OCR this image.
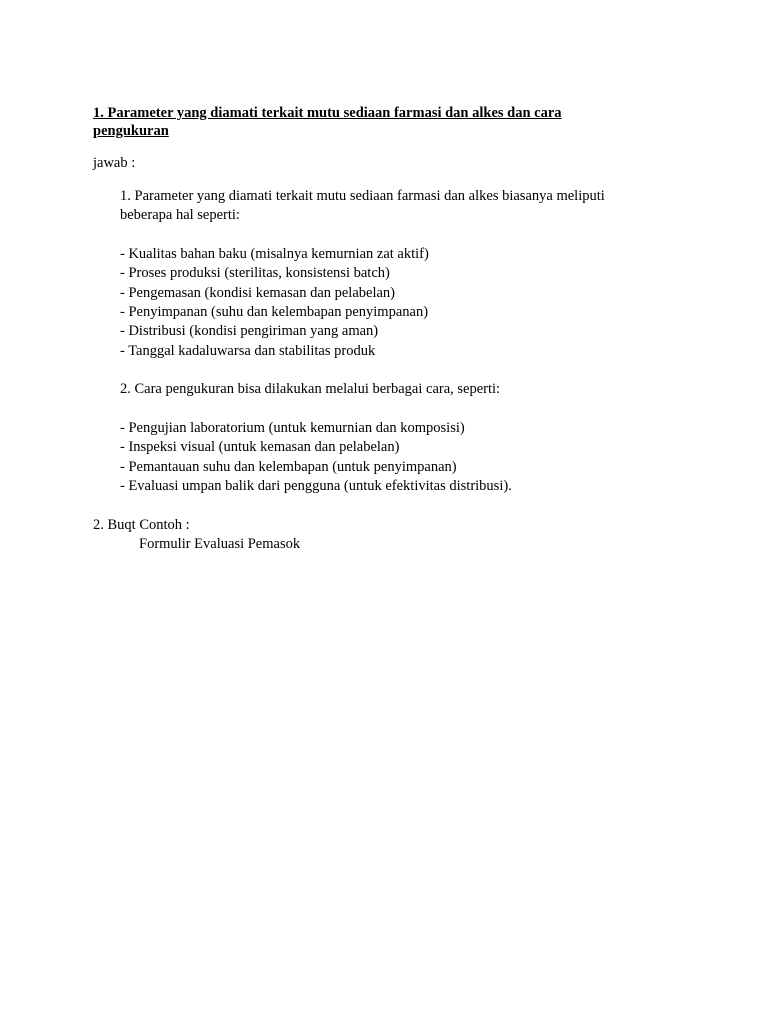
1. Parameter yang diamati terkait mutu sediaan farmasi dan alkes dan cara pengukuran
jawab :
1. Parameter yang diamati terkait mutu sediaan farmasi dan alkes biasanya meliputi
beberapa hal seperti:
- Kualitas bahan baku (misalnya kemurnian zat aktif)
- Proses produksi (sterilitas, konsistensi batch)
- Pengemasan (kondisi kemasan dan pelabelan)
- Penyimpanan (suhu dan kelembapan penyimpanan)
- Distribusi (kondisi pengiriman yang aman)
- Tanggal kadaluwarsa dan stabilitas produk
2. Cara pengukuran bisa dilakukan melalui berbagai cara, seperti:
- Pengujian laboratorium (untuk kemurnian dan komposisi)
- Inspeksi visual (untuk kemasan dan pelabelan)
- Pemantauan suhu dan kelembapan (untuk penyimpanan)
- Evaluasi umpan balik dari pengguna (untuk efektivitas distribusi).
2. Buqt Contoh :
Formulir Evaluasi Pemasok
